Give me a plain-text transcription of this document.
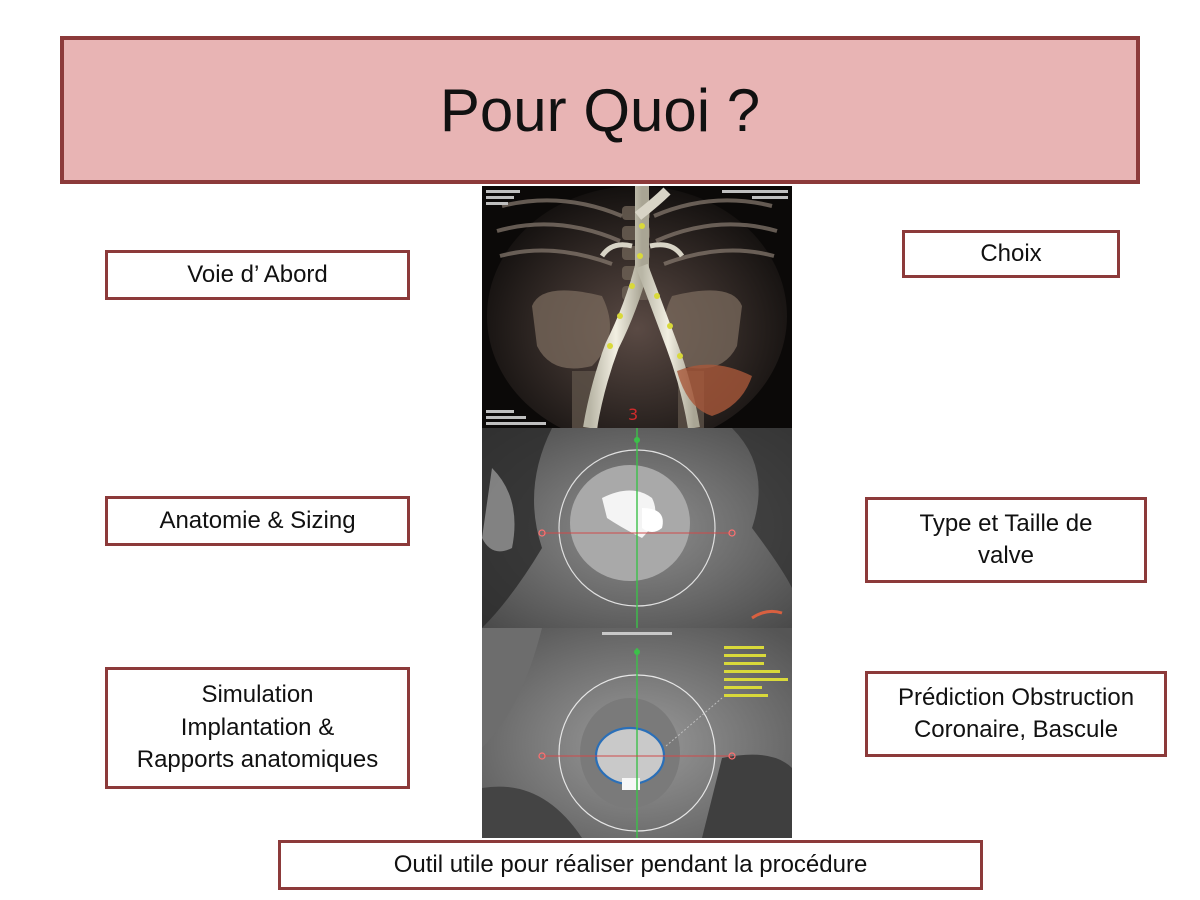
Pour Quoi ?
Voie d’ Abord
Anatomie & Sizing
Simulation
Implantation &
Rapports anatomiques
Choix
Type et Taille de
valve
Prédiction Obstruction
Coronaire, Bascule
Outil utile pour réaliser pendant la procédure
3
